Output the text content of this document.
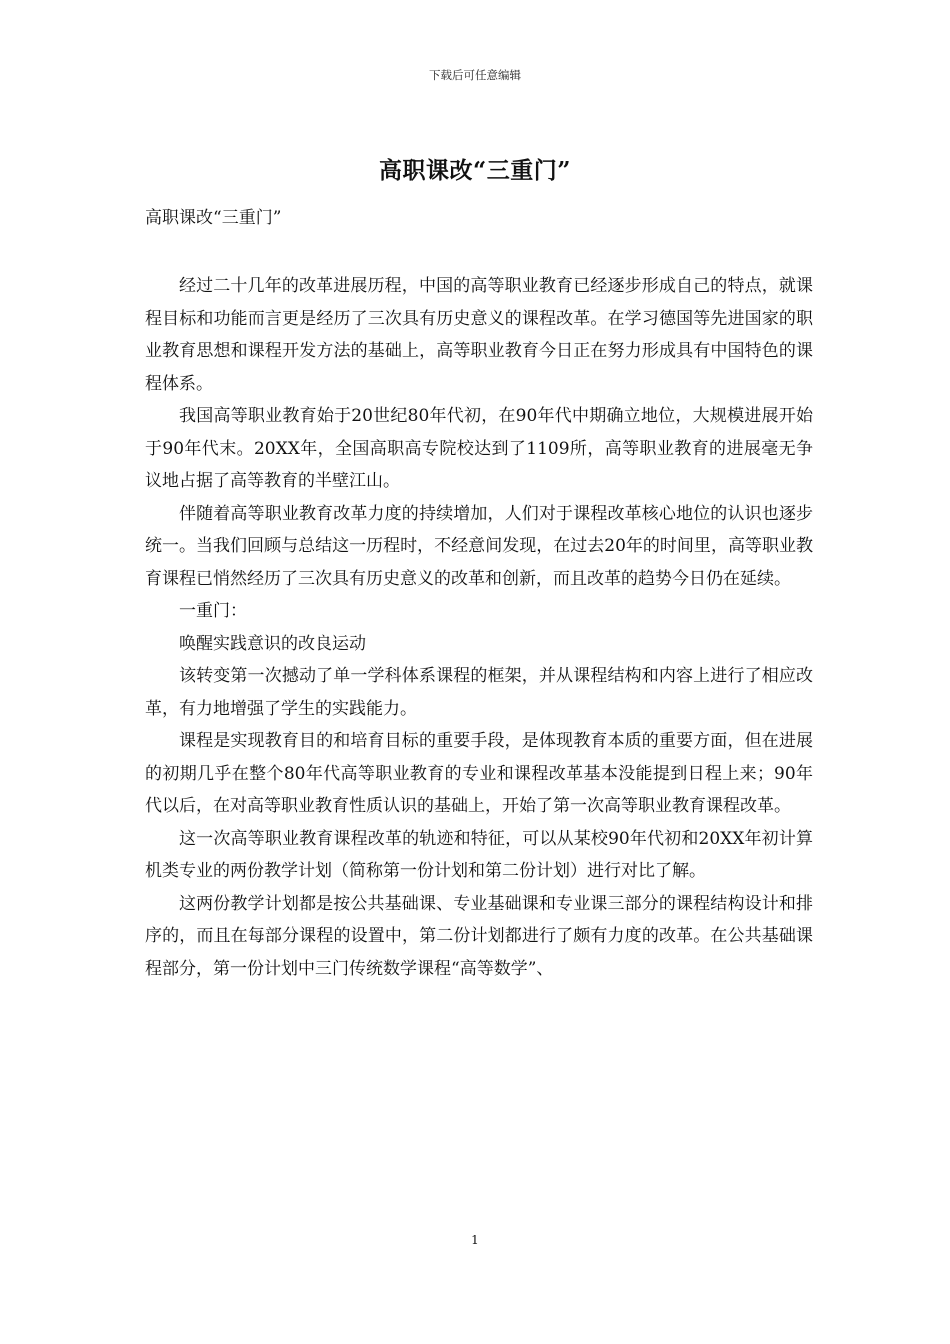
下载后可任意编辑
高职课改“三重门”
高职课改“三重门”

经过二十几年的改革进展历程，中国的高等职业教育已经逐步形成自己的特点，就课程目标和功能而言更是经历了三次具有历史意义的课程改革。在学习德国等先进国家的职业教育思想和课程开发方法的基础上，高等职业教育今日正在努力形成具有中国特色的课程体系。

我国高等职业教育始于20世纪80年代初，在90年代中期确立地位，大规模进展开始于90年代末。20XX年，全国高职高专院校达到了1109所，高等职业教育的进展毫无争议地占据了高等教育的半壁江山。

伴随着高等职业教育改革力度的持续增加，人们对于课程改革核心地位的认识也逐步统一。当我们回顾与总结这一历程时，不经意间发现，在过去20年的时间里，高等职业教育课程已悄然经历了三次具有历史意义的改革和创新，而且改革的趋势今日仍在延续。

一重门：

唤醒实践意识的改良运动

该转变第一次撼动了单一学科体系课程的框架，并从课程结构和内容上进行了相应改革，有力地增强了学生的实践能力。

课程是实现教育目的和培育目标的重要手段，是体现教育本质的重要方面，但在进展的初期几乎在整个80年代高等职业教育的专业和课程改革基本没能提到日程上来；90年代以后，在对高等职业教育性质认识的基础上，开始了第一次高等职业教育课程改革。

这一次高等职业教育课程改革的轨迹和特征，可以从某校90年代初和20XX年初计算机类专业的两份教学计划（简称第一份计划和第二份计划）进行对比了解。

这两份教学计划都是按公共基础课、专业基础课和专业课三部分的课程结构设计和排序的，而且在每部分课程的设置中，第二份计划都进行了颇有力度的改革。在公共基础课程部分，第一份计划中三门传统数学课程“高等数学”、

1
